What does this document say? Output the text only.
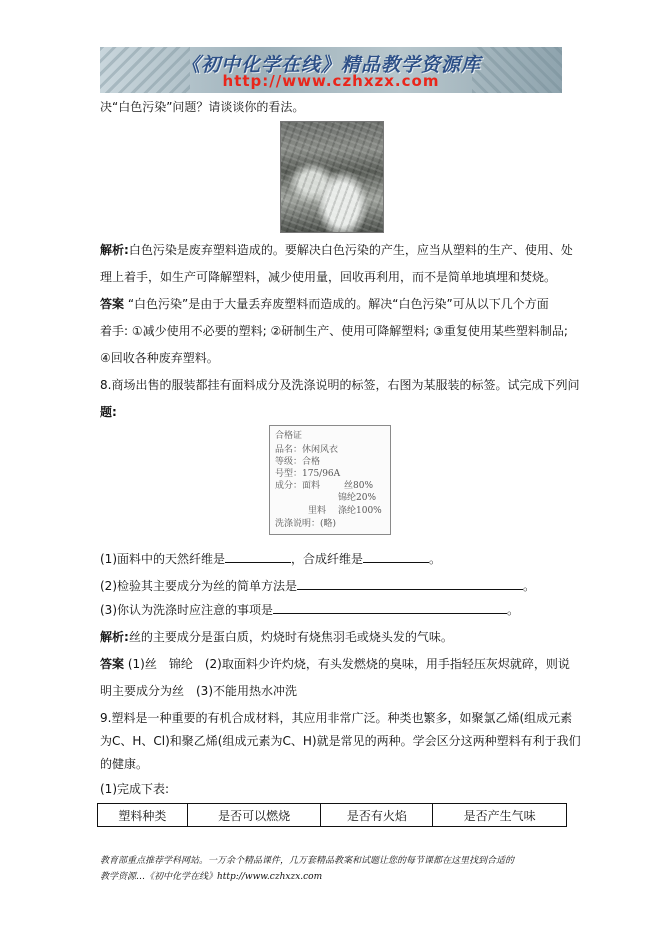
《初中化学在线》精品教学资源库
http://www.czhxzx.com
决“白色污染”问题？请谈谈你的看法。
解析:白色污染是废弃塑料造成的。要解决白色污染的产生，应当从塑料的生产、使用、处
理上着手，如生产可降解塑料，减少使用量，回收再利用，而不是简单地填埋和焚烧。
答案 “白色污染”是由于大量丢弃废塑料而造成的。解决“白色污染”可从以下几个方面
着手: ①减少使用不必要的塑料; ②研制生产、使用可降解塑料; ③重复使用某些塑料制品;
④回收各种废弃塑料。
8.商场出售的服装都挂有面料成分及洗涤说明的标签，右图为某服装的标签。试完成下列问
题:
合格证
品名：休闲风衣
等级：合格
号型：175/96A
成分：面料	丝80%
锦纶20%
里料 涤纶100%
洗涤说明：(略)
(1)面料中的天然纤维是	，合成纤维是	。
(2)检验其主要成分为丝的简单方法是	。
(3)你认为洗涤时应注意的事项是	。
解析:丝的主要成分是蛋白质，灼烧时有烧焦羽毛或烧头发的气味。
答案 (1)丝　锦纶　(2)取面料少许灼烧，有头发燃烧的臭味，用手指轻压灰烬就碎，则说
明主要成分为丝　(3)不能用热水冲洗
9.塑料是一种重要的有机合成材料，其应用非常广泛。种类也繁多，如聚氯乙烯(组成元素
为C、H、Cl)和聚乙烯(组成元素为C、H)就是常见的两种。学会区分这两种塑料有利于我们
的健康。
(1)完成下表:
塑料种类	是否可以燃烧	是否有火焰	是否产生气味
教育部重点推荐学科网站。一万余个精品课件，几万套精品教案和试题让您的每节课都在这里找到合适的
教学资源…《初中化学在线》http://www.czhxzx.com
